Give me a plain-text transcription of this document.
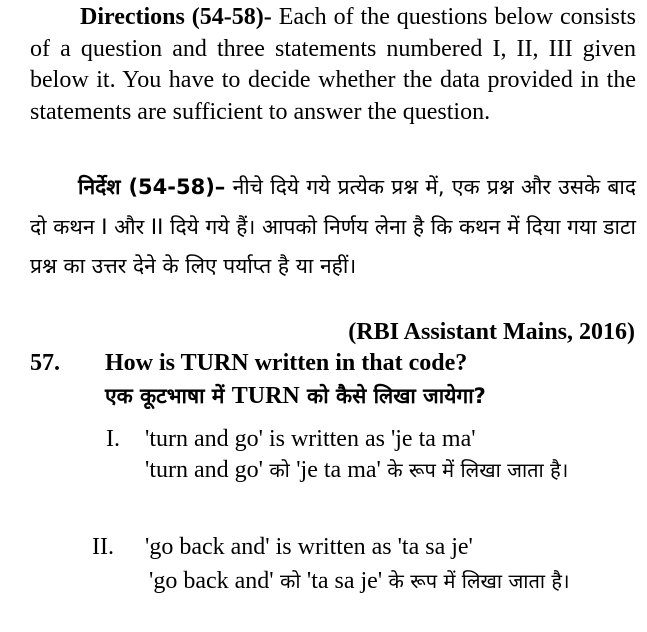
Directions (54-58)- Each of the questions below consists of a question and three statements numbered I, II, III given below it. You have to decide whether the data provided in the statements are sufficient to answer the question.

निर्देश (54-58)– नीचे दिये गये प्रत्येक प्रश्न में, एक प्रश्न और उसके बाद दो कथन I और II दिये गये हैं। आपको निर्णय लेना है कि कथन में दिया गया डाटा प्रश्न का उत्तर देने के लिए पर्याप्त है या नहीं।

(RBI Assistant Mains, 2016)
57. How is TURN written in that code?
एक कूटभाषा में TURN को कैसे लिखा जायेगा?
I. 'turn and go' is written as 'je ta ma'
'turn and go' को 'je ta ma' के रूप में लिखा जाता है।
II. 'go back and' is written as 'ta sa je'
'go back and' को 'ta sa je' के रूप में लिखा जाता है।
